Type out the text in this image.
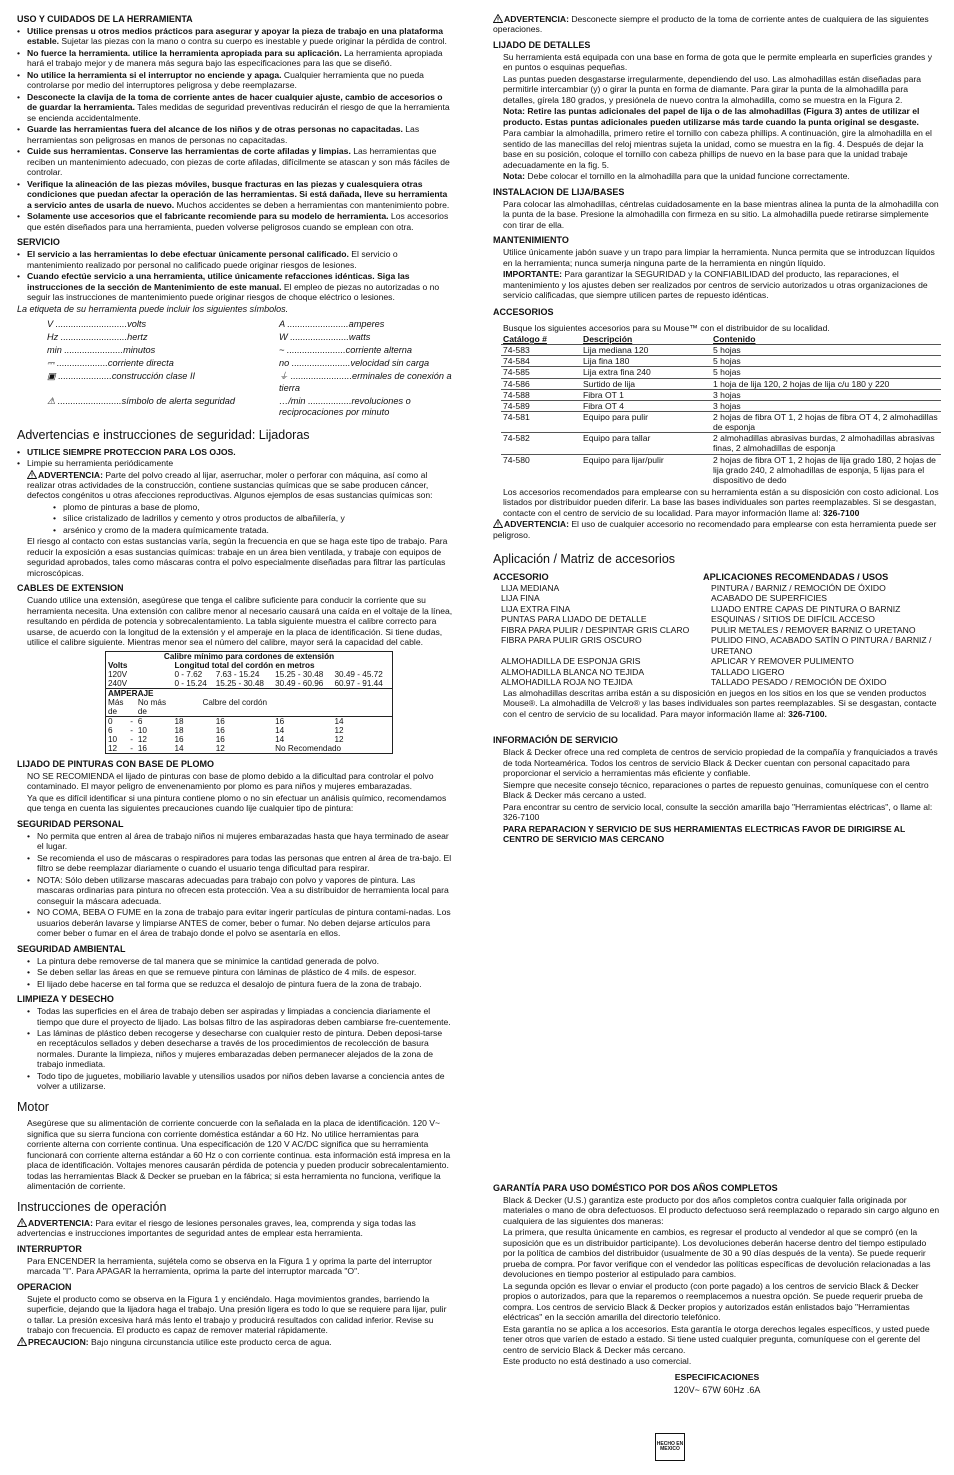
USO Y CUIDADOS DE LA HERRAMIENTA
• Utilice prensas u otros medios prácticos para asegurar y apoyar la pieza de trabajo en una plataforma estable. Sujetar las piezas con la mano o contra su cuerpo es inestable y puede originar la pérdida de control.
• No fuerce la herramienta. utilice la herramienta apropiada para su aplicación. La herramienta apropiada hará el trabajo mejor y de manera más segura bajo las especificaciones para las que se diseñó.
• No utilice la herramienta si el interruptor no enciende y apaga. Cualquier herramienta que no pueda controlarse por medio del interruptores peligrosa y debe reemplazarse.
• Desconecte la clavija de la toma de corriente antes de hacer cualquier ajuste, cambio de accesorios o de guardar la herramienta. Tales medidas de seguridad preventivas reducirán el riesgo de que la herramienta se encienda accidentalmente.
• Guarde las herramientas fuera del alcance de los niños y de otras personas no capacitadas. Las herramientas son peligrosas en manos de personas no capacitadas.
• Cuide sus herramientas. Conserve las herramientas de corte afiladas y limpias. Las herramientas que reciben un mantenimiento adecuado, con piezas de corte afiladas, difícilmente se atascan y son más fáciles de controlar.
• Verifique la alineación de las piezas móviles, busque fracturas en las piezas y cualesquiera otras condiciones que puedan afectar la operación de las herramientas. Si está dañada, lleve su herramienta a servicio antes de usarla de nuevo. Muchos accidentes se deben a herramientas con mantenimiento pobre.
• Solamente use accesorios que el fabricante recomiende para su modelo de herramienta. Los accesorios que estén diseñados para una herramienta, pueden volverse peligrosos cuando se emplean con otra.
SERVICIO
• El servicio a las herramientas lo debe efectuar únicamente personal calificado. El servicio o mantenimiento realizado por personal no calificado puede originar riesgos de lesiones.
• Cuando efectúe servicio a una herramienta, utilice únicamente refacciones idénticas. Siga las instrucciones de la sección de Mantenimiento de este manual. El empleo de piezas no autorizadas o no seguir las instrucciones de mantenimiento puede originar riesgos de choque eléctrico o lesiones.
La etiqueta de su herramienta puede incluir los siguientes símbolos.
V ............................volts	A ........................amperes
Hz ..........................hertz	W .......................watts
min .......................minutos	~ .......................corriente alterna
⎓ ....................corriente directa	no .......................velocidad sin carga
▣ .....................construcción clase II	⏚ ........................erminales de conexión a tierra
⚠ .........................símbolo de alerta seguridad	…/min .................revoluciones o reciprocaciones por minuto
Advertencias e instrucciones de seguridad: Lijadoras
• UTILICE SIEMPRE PROTECCION PARA LOS OJOS.
• Limpie su herramienta periódicamente
ADVERTENCIA: Parte del polvo creado al lijar, aserruchar, moler o perforar con máquina, así como al realizar otras actividades de la construcción, contiene sustancias químicas que se sabe producen cáncer, defectos congénitos u otras afecciones reproductivas. Algunos ejemplos de esas sustancias químicas son:
• plomo de pinturas a base de plomo,
• sílice cristalizado de ladrillos y cemento y otros productos de albañilería, y
• arsénico y cromo de la madera químicamente tratada.
El riesgo al contacto con estas sustancias varía, según la frecuencia en que se haga este tipo de trabajo. Para reducir la exposición a esas sustancias químicas: trabaje en un área bien ventilada, y trabaje con equipos de seguridad aprobados, tales como máscaras contra el polvo especialmente diseñadas para filtrar las partículas microscópicas.
CABLES DE EXTENSION
Cuando utilice una extensión, asegúrese que tenga el calibre suficiente para conducir la corriente que su herramienta necesita. Una extensión con calibre menor al necesario causará una caída en el voltaje de la línea, resultando en pérdida de potencia y sobrecalentamiento. La tabla siguiente muestra el calibre correcto para usarse, de acuerdo con la longitud de la extensión y el amperaje en la placa de identificación. Si tiene dudas, utilice el calibre siguiente. Mientras menor sea el número del calibre, mayor será la capacidad del cable.
Calibre mínimo para cordones de extensión						
Volts			Longitud total del cordón en metros			
120V			0 - 7.62	7.63 - 15.24	15.25 - 30.48	30.49 - 45.72
240V			0 - 15.24	15.25 - 30.48	30.49 - 60.96	60.97 - 91.44
AMPERAJE						
Más		No más	Calbre del cordón			
de		de				
0	-	6	18	16	16	14
6	-	10	18	16	14	12
10	-	12	16	16	14	12
12	-	16	14	12	No Recomendado
LIJADO DE PINTURAS CON BASE DE PLOMO
NO SE RECOMIENDA el lijado de pinturas con base de plomo debido a la dificultad para controlar el polvo contaminado. El mayor peligro de envenenamiento por plomo es para niños y mujeres embarazadas.
Ya que es difícil identificar si una pintura contiene plomo o no sin efectuar un análisis químico, recomendamos que tenga en cuenta las siguientes precauciones cuando lije cualquier tipo de pintura:
SEGURIDAD PERSONAL
• No permita que entren al área de trabajo niños ni mujeres embarazadas hasta que haya terminado de asear el lugar.
• Se recomienda el uso de máscaras o respiradores para todas las personas que entren al área de tra-bajo. El filtro se debe reemplazar diariamente o cuando el usuario tenga dificultad para respirar.
• NOTA: Sólo deben utilizarse mascaras adecuadas para trabajo con polvo y vapores de pintura. Las mascaras ordinarias para pintura no ofrecen esta protección. Vea a su distribuidor de herramienta local para conseguir la máscara adecuada.
• NO COMA, BEBA O FUME en la zona de trabajo para evitar ingerir partículas de pintura contami-nadas. Los usuarios deberán lavarse y limpiarse ANTES de comer, beber o fumar. No deben dejarse artículos para comer beber o fumar en el área de trabajo donde el polvo se asentaría en ellos.
SEGURIDAD AMBIENTAL
• La pintura debe removerse de tal manera que se minimice la cantidad generada de polvo.
• Se deben sellar las áreas en que se remueve pintura con láminas de plástico de 4 mils. de espesor.
• El lijado debe hacerse en tal forma que se reduzca el desalojo de pintura fuera de la zona de trabajo.
LIMPIEZA Y DESECHO
• Todas las superficies en el área de trabajo deben ser aspiradas y limpiadas a conciencia diariamente el tiempo que dure el proyecto de lijado. Las bolsas filtro de las aspiradoras deben cambiarse fre-cuentemente.
• Las láminas de plástico deben recogerse y desecharse con cualquier resto de pintura. Deben deposi-tarse en receptáculos sellados y deben desecharse a través de los procedimientos de recolección de basura normales. Durante la limpieza, niños y mujeres embarazadas deben permanecer alejados de la zona de trabajo inmediata.
• Todo tipo de juguetes, mobiliario lavable y utensilios usados por niños deben lavarse a conciencia antes de volver a utilizarse.
Motor
Asegúrese que su alimentación de corriente concuerde con la señalada en la placa de identificación. 120 V~ significa que su sierra funciona con corriente doméstica estándar a 60 Hz. No utilice herramientas para corriente alterna con corriente continua. Una especificación de 120 V AC/DC significa que su herramienta funcionará con corriente alterna estándar a 60 Hz o con corriente continua. esta información está impresa en la placa de identificación. Voltajes menores causarán pérdida de potencia y pueden producir sobrecalentamiento. todas las herramientas Black & Decker se prueban en la fábrica; si esta herramienta no funciona, verifique la alimentación de corriente.
Instrucciones de operación
ADVERTENCIA: Para evitar el riesgo de lesiones personales graves, lea, comprenda y siga todas las advertencias e instrucciones importantes de seguridad antes de emplear esta herramienta.
INTERRUPTOR
Para ENCENDER la herramienta, sujétela como se observa en la Figura 1 y oprima la parte del interruptor marcada "I". Para APAGAR la herramienta, oprima la parte del interruptor marcada "O".
OPERACION
Sujete el producto como se observa en la Figura 1 y enciéndalo. Haga movimientos grandes, barriendo la superficie, dejando que la lijadora haga el trabajo. Una presión ligera es todo lo que se requiere para lijar, pulir o tallar. La presión excesiva hará más lento el trabajo y producirá resultados con calidad inferior. Revise su trabajo con frecuencia. El producto es capaz de remover material rápidamente.
PRECAUCION: Bajo ninguna circunstancia utilice este producto cerca de agua.
ADVERTENCIA: Desconecte siempre el producto de la toma de corriente antes de cualquiera de las siguientes operaciones.
LIJADO DE DETALLES
Su herramienta está equipada con una base en forma de gota que le permite emplearla en superficies grandes y en puntos o esquinas pequeñas.
Las puntas pueden desgastarse irregularmente, dependiendo del uso. Las almohadillas están diseñadas para permitirle intercambiar (y) o girar la punta en forma de diamante. Para girar la punta de la almohadilla para detalles, gírela 180 grados, y presiónela de nuevo contra la almohadilla, como se muestra en la Figura 2.
Nota: Retire las puntas adicionales del papel de lija o de las almohadillas (Figura 3) antes de utilizar el producto. Estas puntas adicionales pueden utilizarse más tarde cuando la punta original se desgaste.
Para cambiar la almohadilla, primero retire el tornillo con cabeza phillips. A continuación, gire la almohadilla en el sentido de las manecillas del reloj mientras sujeta la unidad, como se muestra en la fig. 4. Después de dejar la base en su posición, coloque el tornillo con cabeza phillips de nuevo en la base para que la unidad trabaje adecuadamente en la fig. 5.
Nota: Debe colocar el tornillo en la almohadilla para que la unidad funcione correctamente.
INSTALACION DE LIJA/BASES
Para colocar las almohadillas, céntrelas cuidadosamente en la base mientras alinea la punta de la almohadilla con la punta de la base. Presione la almohadilla con firmeza en su sitio. La almohadilla puede retirarse simplemente con tirar de ella.
MANTENIMIENTO
Utilice únicamente jabón suave y un trapo para limpiar la herramienta. Nunca permita que se introduzcan líquidos en la herramienta; nunca sumerja ninguna parte de la herramienta en ningún líquido.
IMPORTANTE: Para garantizar la SEGURIDAD y la CONFIABILIDAD del producto, las reparaciones, el mantenimiento y los ajustes deben ser realizados por centros de servicio autorizados u otras organizaciones de servicio calificadas, que siempre utilicen partes de repuesto idénticas.
ACCESORIOS
Busque los siguientes accesorios para su Mouse™ con el distribuidor de su localidad.
Catálogo #	Descripción	Contenido
74-583	Lija mediana 120	5 hojas
74-584	Lija fina 180	5 hojas
74-585	Lija extra fina 240	5 hojas
74-586	Surtido de lija	1 hoja de lija 120, 2 hojas de lija c/u 180 y 220
74-588	Fibra OT 1	3 hojas
74-589	Fibra OT 4	3 hojas
74-581	Equipo para pulir	2 hojas de fibra OT 1, 2 hojas de fibra OT 4, 2 almohadillas de esponja
74-582	Equipo para tallar	2 almohadillas abrasivas burdas, 2 almohadillas abrasivas finas, 2 almohadillas de esponja
74-580	Equipo para lijar/pulir	2 hojas de fibra OT 1, 2 hojas de lija grado 180, 2 hojas de lija grado 240, 2 almohadillas de esponja, 5 lijas para el dispositivo de dedo
Los accesorios recomendados para emplearse con su herramienta están a su disposición con costo adicional. Los listados por distribuidor pueden diferir. La base las bases individuales son partes reemplazables. Si se desgastan, contacte con el centro de servicio de su localidad. Para mayor información llame al: 326-7100
ADVERTENCIA: El uso de cualquier accesorio no recomendado para emplearse con esta herramienta puede ser peligroso.
Aplicación / Matriz de accesorios
ACCESORIO	APLICACIONES RECOMENDADAS / USOS
LIJA MEDIANA	PINTURA / BARNIZ / REMOCIÓN DE ÓXIDO
LIJA FINA	ACABADO DE SUPERFICIES
LIJA EXTRA FINA	LIJADO ENTRE CAPAS DE PINTURA O BARNIZ
PUNTAS PARA LIJADO DE DETALLE	ESQUINAS / SITIOS DE DIFÍCIL ACCESO
FIBRA PARA PULIR / DESPINTAR GRIS CLARO	PULIR METALES / REMOVER BARNIZ O URETANO
FIBRA PARA PULIR GRIS OSCURO	PULIDO FINO, ACABADO SATÍN O PINTURA / BARNIZ / URETANO
ALMOHADILLA DE ESPONJA GRIS	APLICAR Y REMOVER PULIMENTO
ALMOHADILLA BLANCA NO TEJIDA	TALLADO LIGERO
ALMOHADILLA ROJA NO TEJIDA	TALLADO PESADO / REMOCIÓN DE ÓXIDO
Las almohadillas descritas arriba están a su disposición en juegos en los sitios en los que se venden productos Mouse®. La almohadilla de Velcro® y las bases individuales son partes reemplazables. Si se desgastan, contacte con el centro de servicio de su localidad. Para mayor información llame al: 326-7100.
INFORMACIÓN DE SERVICIO
Black & Decker ofrece una red completa de centros de servicio propiedad de la compañía y franquiciados a través de toda Norteamérica. Todos los centros de servicio Black & Decker cuentan con personal capacitado para proporcionar el servicio a herramientas más eficiente y confiable.
Siempre que necesite consejo técnico, reparaciones o partes de repuesto genuinas, comuníquese con el centro Black & Decker más cercano a usted.
Para encontrar su centro de servicio local, consulte la sección amarilla bajo "Herramientas eléctricas", o llame al: 326-7100
PARA REPARACION Y SERVICIO DE SUS HERRAMIENTAS ELECTRICAS FAVOR DE DIRIGIRSE AL CENTRO DE SERVICIO MAS CERCANO
GARANTÍA PARA USO DOMÉSTICO POR DOS AÑOS COMPLETOS
Black & Decker (U.S.) garantiza este producto por dos años completos contra cualquier falla originada por materiales o mano de obra defectuosos. El producto defectuoso será reemplazado o reparado sin cargo alguno en cualquiera de las siguientes dos maneras:
La primera, que resulta únicamente en cambios, es regresar el producto al vendedor al que se compró (en la suposición que es un distribuidor participante). Los devoluciones deberán hacerse dentro del tiempo estipulado por la política de cambios del distribuidor (usualmente de 30 a 90 días después de la venta). Se puede requerir prueba de compra. Por favor verifique con el vendedor las políticas específicas de devolución relacionadas a las devoluciones en tiempo posterior al estipulado para cambios.
La segunda opción es llevar o enviar el producto (con porte pagado) a los centros de servicio Black & Decker propios o autorizados, para que la reparemos o reemplacemos a nuestra opción. Se puede requerir prueba de compra. Los centros de servicio Black & Decker propios y autorizados están enlistados bajo "Herramientas eléctricas" en la sección amarilla del directorio telefónico.
Esta garantía no se aplica a los accesorios. Esta garantía le otorga derechos legales específicos, y usted puede tener otros que varíen de estado a estado. Si tiene usted cualquier pregunta, comuníquese con el gerente del centro de servicio Black & Decker más cercano.
Este producto no está destinado a uso comercial.
ESPECIFICACIONES
120V~ 67W 60Hz .6A
HECHO EN MEXICO
